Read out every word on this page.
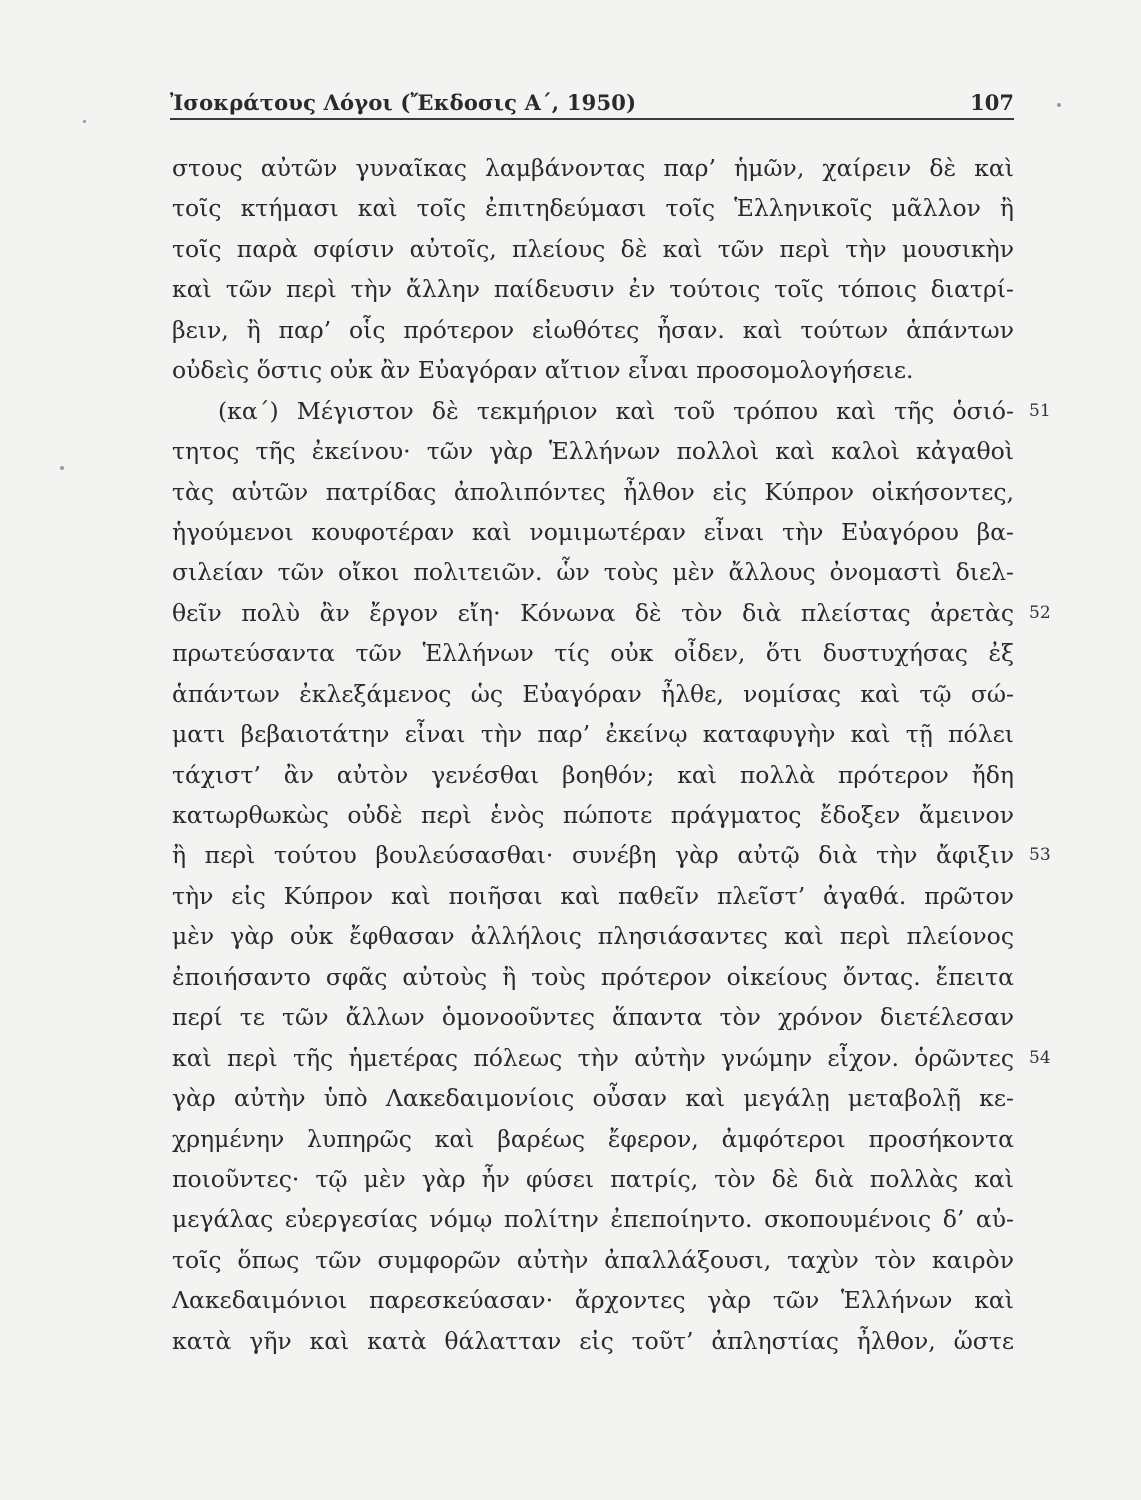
Ἰσοκράτους Λόγοι (Ἔκδοσις Α΄, 1950)	107
στους αὐτῶν γυναῖκας λαμβάνοντας παρ’ ἡμῶν, χαίρειν δὲ καὶ
τοῖς κτήμασι καὶ τοῖς ἐπιτηδεύμασι τοῖς Ἑλληνικοῖς μᾶλλον ἢ
τοῖς παρὰ σφίσιν αὐτοῖς, πλείους δὲ καὶ τῶν περὶ τὴν μουσικὴν
καὶ τῶν περὶ τὴν ἄλλην παίδευσιν ἐν τούτοις τοῖς τόποις διατρί-
βειν, ἢ παρ’ οἷς πρότερον εἰωθότες ἦσαν. καὶ τούτων ἁπάντων
οὐδεὶς ὅστις οὐκ ἂν Εὐαγόραν αἴτιον εἶναι προσομολογήσειε.
(κα΄) Μέγιστον δὲ τεκμήριον καὶ τοῦ τρόπου καὶ τῆς ὁσιό- 51
τητος τῆς ἐκείνου· τῶν γὰρ Ἑλλήνων πολλοὶ καὶ καλοὶ κἀγαθοὶ
τὰς αὑτῶν πατρίδας ἀπολιπόντες ἦλθον εἰς Κύπρον οἰκήσοντες,
ἡγούμενοι κουφοτέραν καὶ νομιμωτέραν εἶναι τὴν Εὐαγόρου βα-
σιλείαν τῶν οἴκοι πολιτειῶν. ὧν τοὺς μὲν ἄλλους ὀνομαστὶ διελ-
θεῖν πολὺ ἂν ἔργον εἴη· Κόνωνα δὲ τὸν διὰ πλείστας ἀρετὰς 52
πρωτεύσαντα τῶν Ἑλλήνων τίς οὐκ οἶδεν, ὅτι δυστυχήσας ἐξ
ἁπάντων ἐκλεξάμενος ὡς Εὐαγόραν ἦλθε, νομίσας καὶ τῷ σώ-
ματι βεβαιοτάτην εἶναι τὴν παρ’ ἐκείνῳ καταφυγὴν καὶ τῇ πόλει
τάχιστ’ ἂν αὐτὸν γενέσθαι βοηθόν; καὶ πολλὰ πρότερον ἤδη
κατωρθωκὼς οὐδὲ περὶ ἑνὸς πώποτε πράγματος ἔδοξεν ἄμεινον
ἢ περὶ τούτου βουλεύσασθαι· συνέβη γὰρ αὐτῷ διὰ τὴν ἄφιξιν 53
τὴν εἰς Κύπρον καὶ ποιῆσαι καὶ παθεῖν πλεῖστ’ ἀγαθά. πρῶτον
μὲν γὰρ οὐκ ἔφθασαν ἀλλήλοις πλησιάσαντες καὶ περὶ πλείονος
ἐποιήσαντο σφᾶς αὐτοὺς ἢ τοὺς πρότερον οἰκείους ὄντας. ἔπειτα
περί τε τῶν ἄλλων ὁμονοοῦντες ἅπαντα τὸν χρόνον διετέλεσαν
καὶ περὶ τῆς ἡμετέρας πόλεως τὴν αὐτὴν γνώμην εἶχον. ὁρῶντες 54
γὰρ αὐτὴν ὑπὸ Λακεδαιμονίοις οὖσαν καὶ μεγάλῃ μεταβολῇ κε-
χρημένην λυπηρῶς καὶ βαρέως ἔφερον, ἀμφότεροι προσήκοντα
ποιοῦντες· τῷ μὲν γὰρ ἦν φύσει πατρίς, τὸν δὲ διὰ πολλὰς καὶ
μεγάλας εὐεργεσίας νόμῳ πολίτην ἐπεποίηντο. σκοπουμένοις δ’ αὐ-
τοῖς ὅπως τῶν συμφορῶν αὐτὴν ἀπαλλάξουσι, ταχὺν τὸν καιρὸν
Λακεδαιμόνιοι παρεσκεύασαν· ἄρχοντες γὰρ τῶν Ἑλλήνων καὶ
κατὰ γῆν καὶ κατὰ θάλατταν εἰς τοῦτ’ ἀπληστίας ἦλθον, ὥστε
